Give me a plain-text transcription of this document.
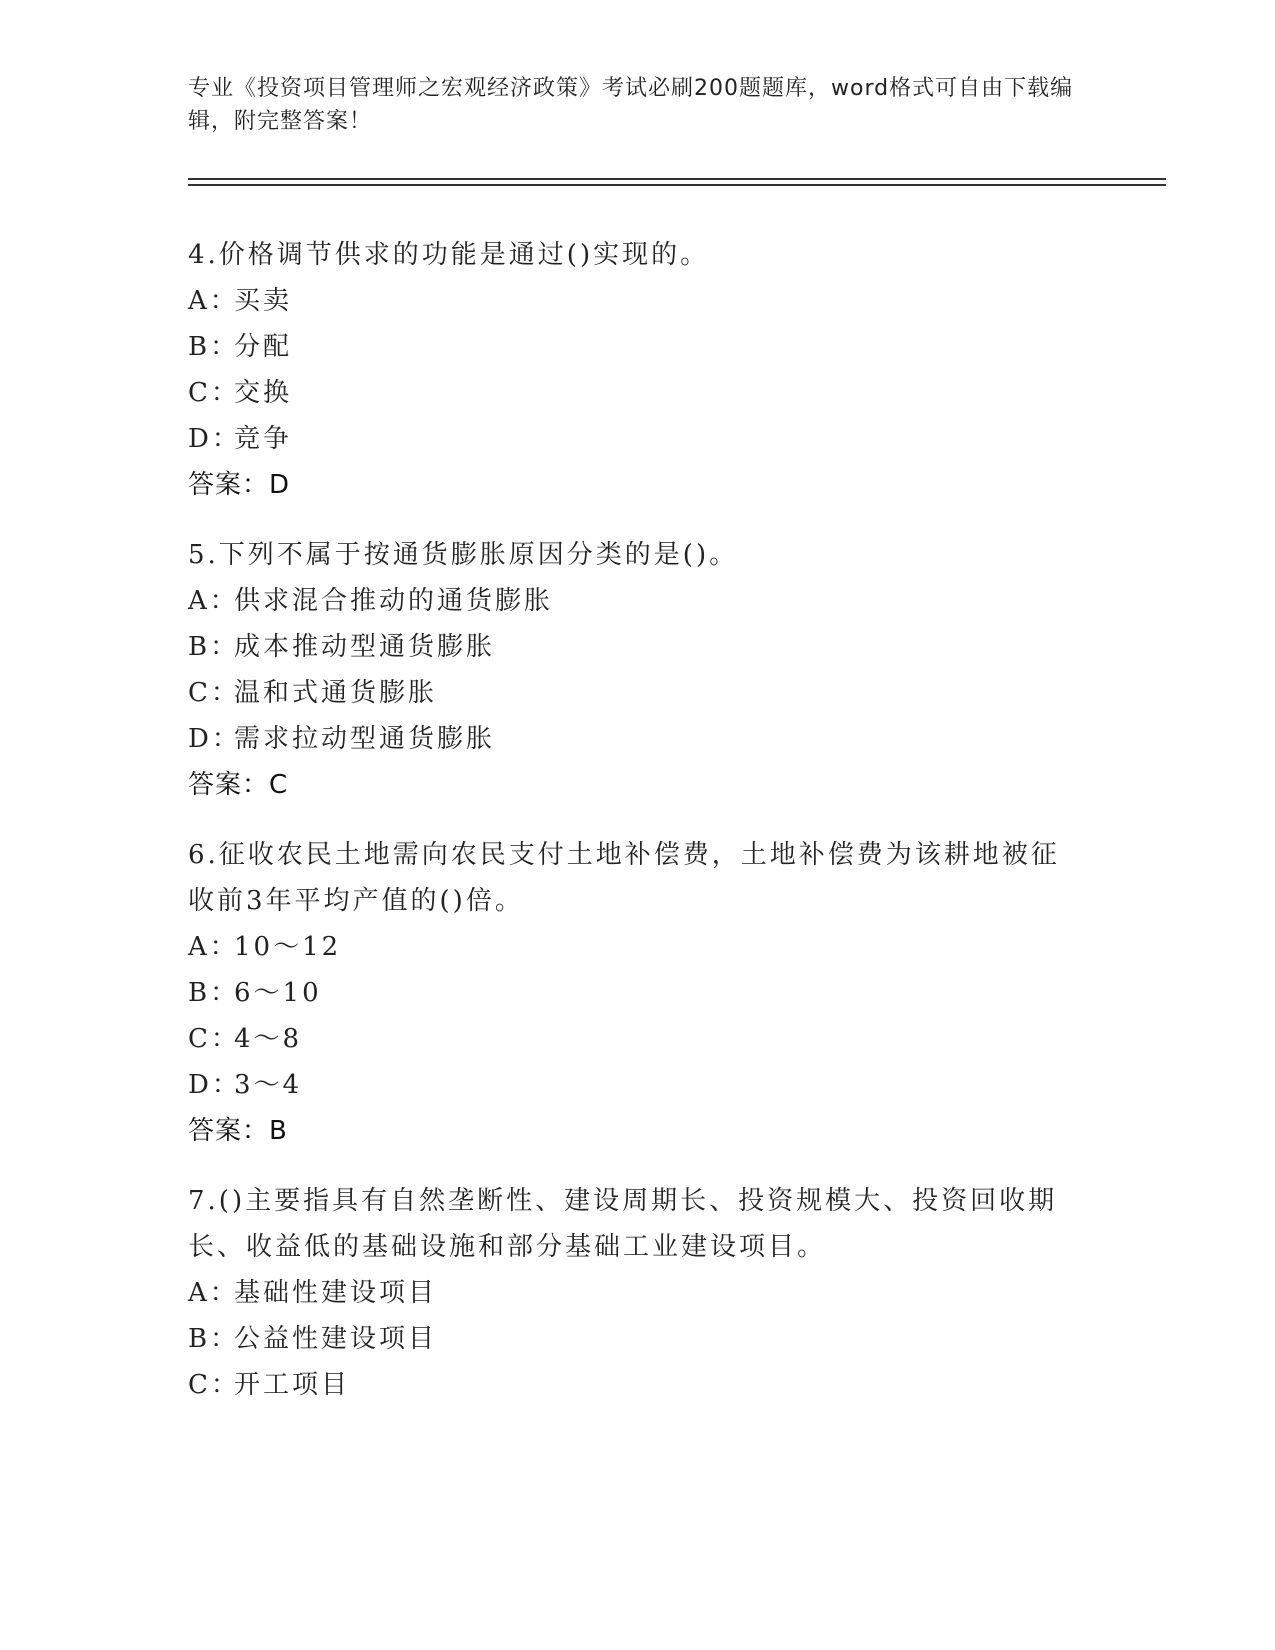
专业《投资项目管理师之宏观经济政策》考试必刷200题题库，word格式可自由下载编辑，附完整答案！

4.价格调节供求的功能是通过()实现的。

A：买卖

B：分配

C：交换

D：竞争

答案：D

5.下列不属于按通货膨胀原因分类的是()。

A：供求混合推动的通货膨胀

B：成本推动型通货膨胀

C：温和式通货膨胀

D：需求拉动型通货膨胀

答案：C

6.征收农民土地需向农民支付土地补偿费，土地补偿费为该耕地被征收前3年平均产值的()倍。

A：10～12

B：6～10

C：4～8

D：3～4

答案：B

7.()主要指具有自然垄断性、建设周期长、投资规模大、投资回收期长、收益低的基础设施和部分基础工业建设项目。

A：基础性建设项目

B：公益性建设项目

C：开工项目
